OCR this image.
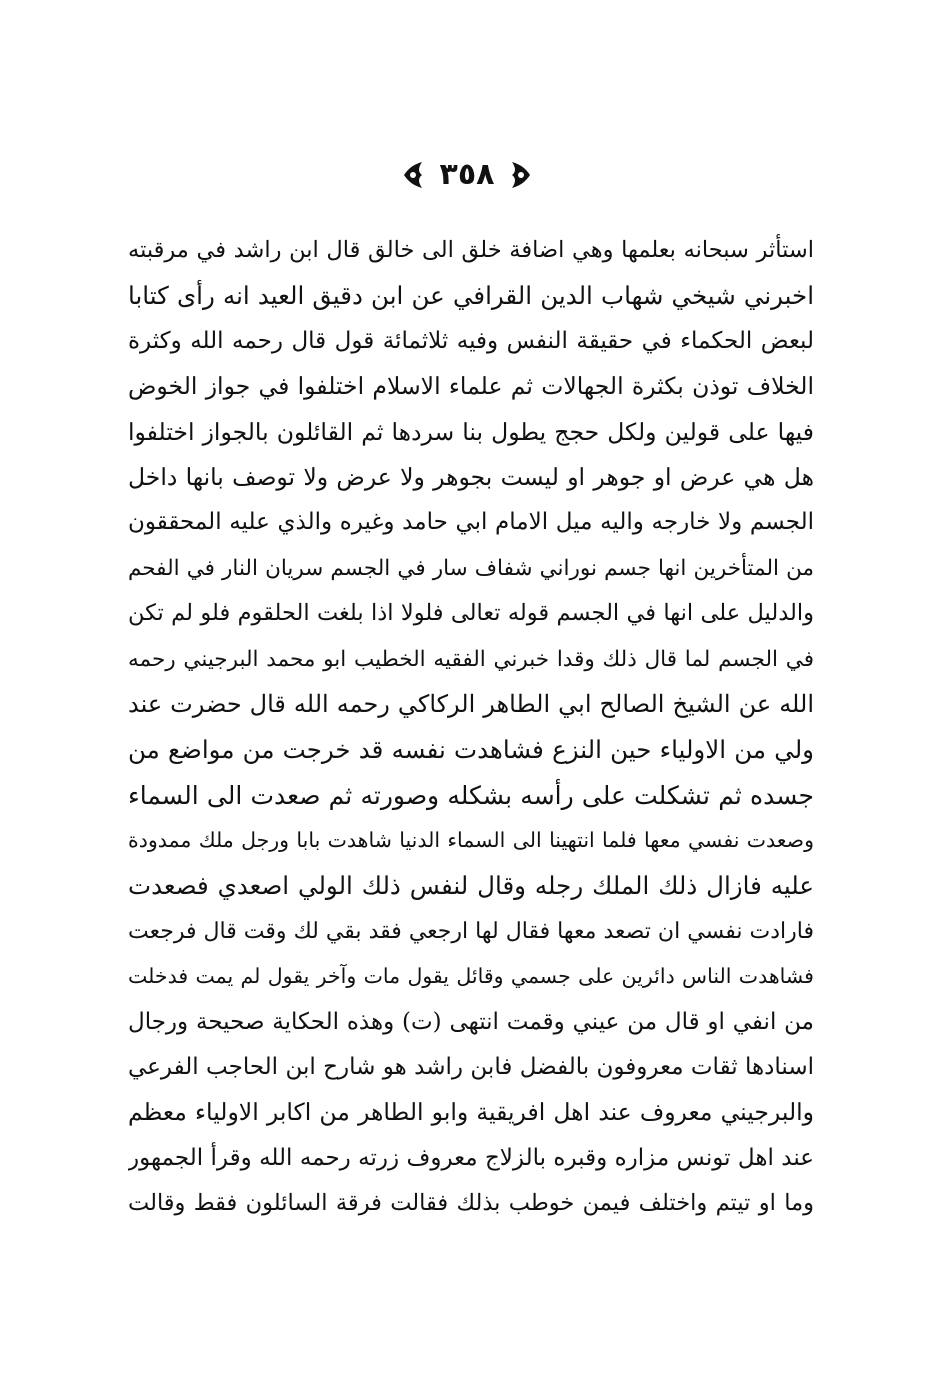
٣٥٨
استأثر سبحانه بعلمها وهي اضافة خلق الى خالق قال ابن راشد في مرقبته
اخبرني شيخي شهاب الدين القرافي عن ابن دقيق العيد انه رأى كتابا
لبعض الحكماء في حقيقة النفس وفيه ثلاثمائة قول قال رحمه الله وكثرة
الخلاف توذن بكثرة الجهالات ثم علماء الاسلام اختلفوا في جواز الخوض
فيها على قولين ولكل حجج يطول بنا سردها ثم القائلون بالجواز اختلفوا
هل هي عرض او جوهر او ليست بجوهر ولا عرض ولا توصف بانها داخل
الجسم ولا خارجه واليه ميل الامام ابي حامد وغيره والذي عليه المحققون
من المتأخرين انها جسم نوراني شفاف سار في الجسم سريان النار في الفحم
والدليل على انها في الجسم قوله تعالى فلولا اذا بلغت الحلقوم فلو لم تكن
في الجسم لما قال ذلك وقدا خبرني الفقيه الخطيب ابو محمد البرجيني رحمه
الله عن الشيخ الصالح ابي الطاهر الركاكي رحمه الله قال حضرت عند
ولي من الاولياء حين النزع فشاهدت نفسه قد خرجت من مواضع من
جسده ثم تشكلت على رأسه بشكله وصورته ثم صعدت الى السماء
وصعدت نفسي معها فلما انتهينا الى السماء الدنيا شاهدت بابا ورجل ملك ممدودة
عليه فازال ذلك الملك رجله وقال لنفس ذلك الولي اصعدي فصعدت
فارادت نفسي ان تصعد معها فقال لها ارجعي فقد بقي لك وقت قال فرجعت
فشاهدت الناس دائرين على جسمي وقائل يقول مات وآخر يقول لم يمت فدخلت
من انفي او قال من عيني وقمت انتهى (ت) وهذه الحكاية صحيحة ورجال
اسنادها ثقات معروفون بالفضل فابن راشد هو شارح ابن الحاجب الفرعي
والبرجيني معروف عند اهل افريقية وابو الطاهر من اكابر الاولياء معظم
عند اهل تونس مزاره وقبره بالزلاج معروف زرته رحمه الله وقرأ الجمهور
وما او تيتم واختلف فيمن خوطب بذلك فقالت فرقة السائلون فقط وقالت
